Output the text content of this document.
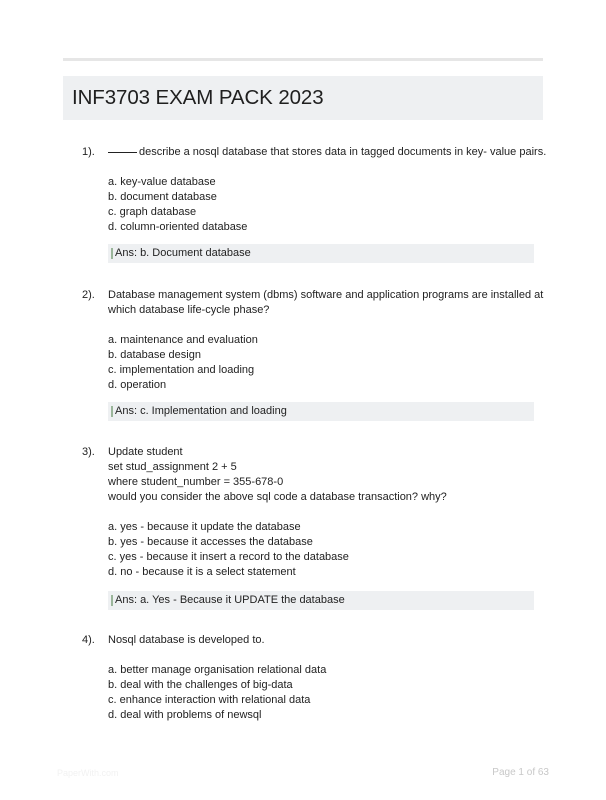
INF3703 EXAM PACK 2023
1).	describe a nosql database that stores data in tagged documents in key- value pairs.
a. key-value database
b. document database
c. graph database
d. column-oriented database
Ans: b. Document database
2). Database management system (dbms) software and application programs are installed at
which database life-cycle phase?
a. maintenance and evaluation
b. database design
c. implementation and loading
d. operation
Ans: c. Implementation and loading
3). Update student
set stud_assignment 2 + 5
where student_number = 355-678-0
would you consider the above sql code a database transaction? why?
a. yes - because it update the database
b. yes - because it accesses the database
c. yes - because it insert a record to the database
d. no - because it is a select statement
Ans: a. Yes - Because it UPDATE the database
4). Nosql database is developed to.
a. better manage organisation relational data
b. deal with the challenges of big-data
c. enhance interaction with relational data
d. deal with problems of newsql
PaperWith.com	Page 1 of 63
